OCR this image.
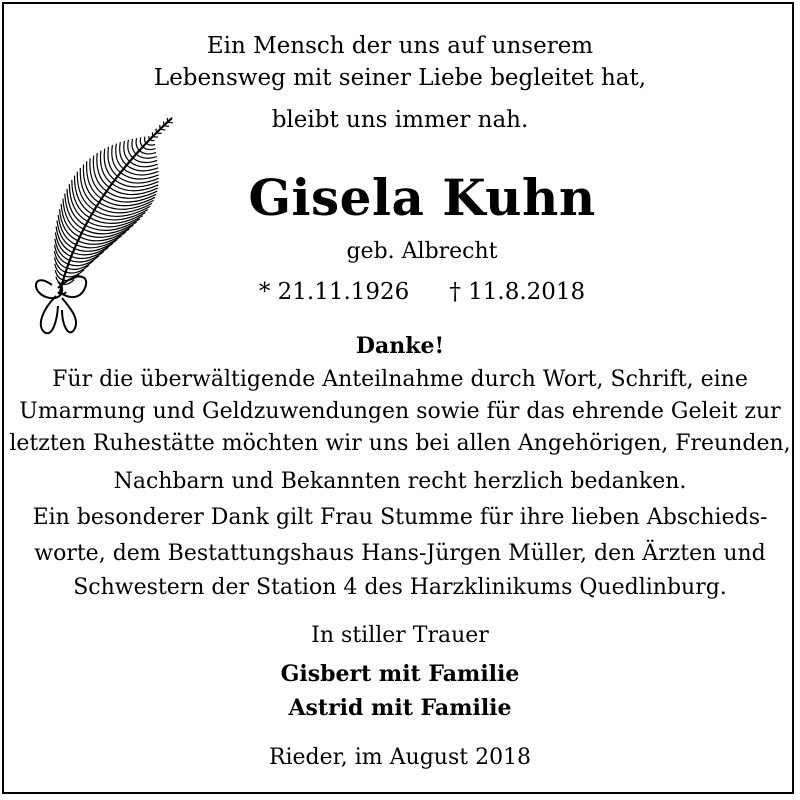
Ein Mensch der uns auf unserem
Lebensweg mit seiner Liebe begleitet hat,
bleibt uns immer nah.
Gisela Kuhn
geb. Albrecht
* 21.11.1926 † 11.8.2018
Danke!
Für die überwältigende Anteilnahme durch Wort, Schrift, eine
Umarmung und Geldzuwendungen sowie für das ehrende Geleit zur
letzten Ruhestätte möchten wir uns bei allen Angehörigen, Freunden,
Nachbarn und Bekannten recht herzlich bedanken.
Ein besonderer Dank gilt Frau Stumme für ihre lieben Abschieds-
worte, dem Bestattungshaus Hans-Jürgen Müller, den Ärzten und
Schwestern der Station 4 des Harzklinikums Quedlinburg.
In stiller Trauer
Gisbert mit Familie
Astrid mit Familie
Rieder, im August 2018
